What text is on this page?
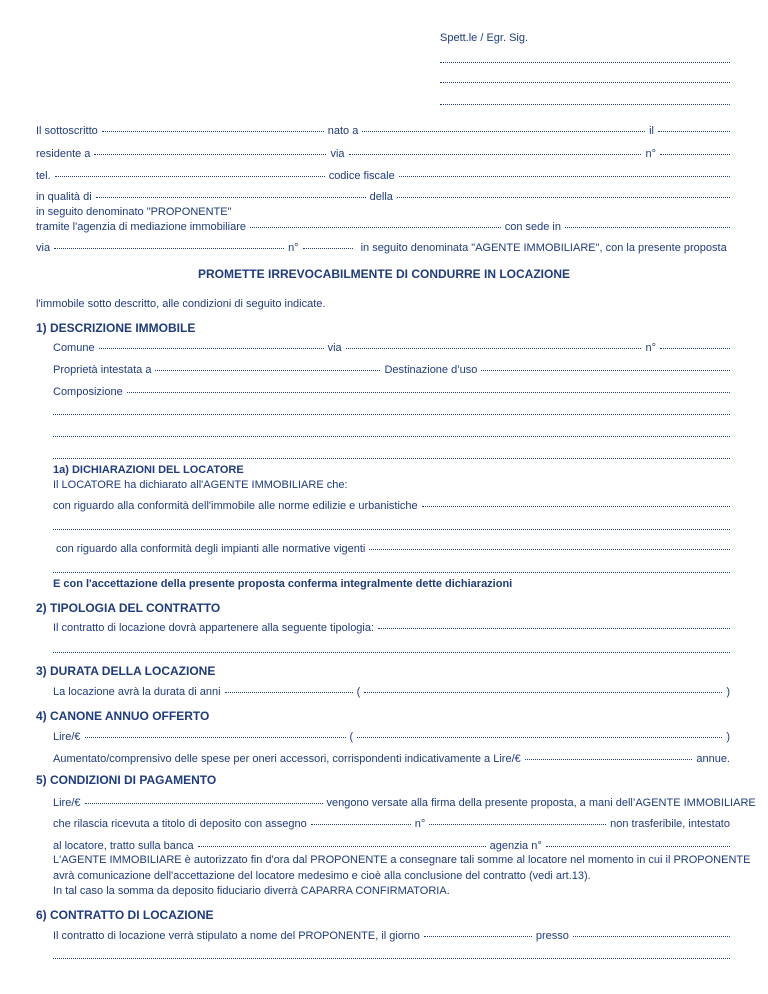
Spett.le / Egr. Sig.
Il sottoscritto	nato a	il
residente a	via	n°
tel.	codice fiscale
in qualità di	della
in seguito denominato "PROPONENTE"
tramite l'agenzia di mediazione immobiliare	con sede in
via	n°	in seguito denominata "AGENTE IMMOBILIARE", con la presente proposta
PROMETTE IRREVOCABILMENTE DI CONDURRE IN LOCAZIONE
l'immobile sotto descritto, alle condizioni di seguito indicate.
1) DESCRIZIONE IMMOBILE
Comune	via	n°
Proprietà intestata a	Destinazione d’uso
Composizione
1a) DICHIARAZIONI DEL LOCATORE
Il LOCATORE ha dichiarato all'AGENTE IMMOBILIARE che:
con riguardo alla conformità dell'immobile alle norme edilizie e urbanistiche
con riguardo alla conformità degli impianti alle normative vigenti
E con l'accettazione della presente proposta conferma integralmente dette dichiarazioni
2) TIPOLOGIA DEL CONTRATTO
Il contratto di locazione dovrà appartenere alla seguente tipologia:
3) DURATA DELLA LOCAZIONE
La locazione avrà la durata di anni	(	)
4) CANONE ANNUO OFFERTO
Lire/€	(	)
Aumentato/comprensivo delle spese per oneri accessori, corrispondenti indicativamente a Lire/€	annue.
5) CONDIZIONI DI PAGAMENTO
Lire/€	vengono versate alla firma della presente proposta, a mani dell’AGENTE IMMOBILIARE
che rilascia ricevuta a titolo di deposito con assegno	n°	non trasferibile, intestato
al locatore, tratto sulla banca	agenzia n°
L'AGENTE IMMOBILIARE è autorizzato fin d'ora dal PROPONENTE a consegnare tali somme al locatore nel momento in cui il PROPONENTE
avrà comunicazione dell'accettazione del locatore medesimo e cioè alla conclusione del contratto (vedi art.13).
In tal caso la somma da deposito fiduciario diverrà CAPARRA CONFIRMATORIA.
6) CONTRATTO DI LOCAZIONE
Il contratto di locazione verrà stipulato a nome del PROPONENTE, il giorno	presso
